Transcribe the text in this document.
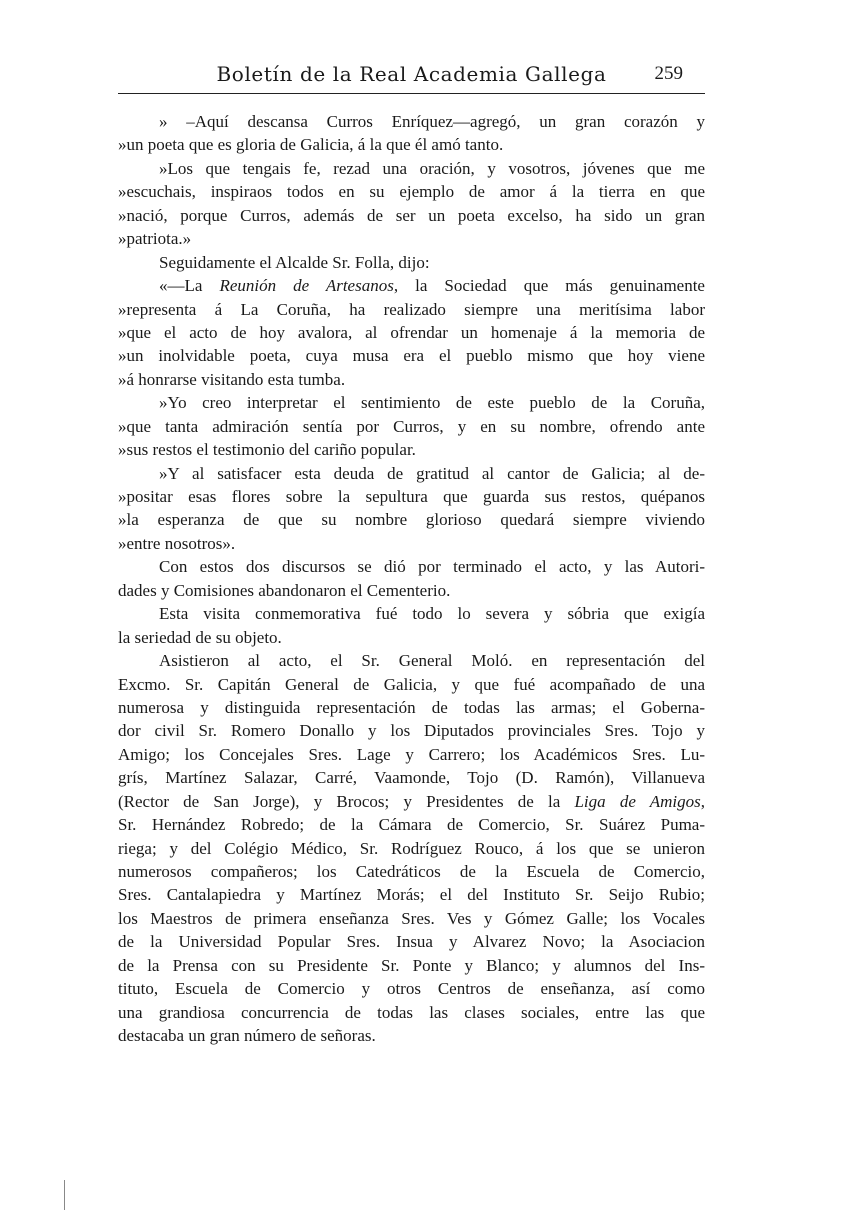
Boletín de la Real Academia Gallega	259
» –Aquí descansa Curros Enríquez—agregó, un gran corazón y
»un poeta que es gloria de Galicia, á la que él amó tanto.
»Los que tengais fe, rezad una oración, y vosotros, jóvenes que me
»escuchais, inspiraos todos en su ejemplo de amor á la tierra en que
»nació, porque Curros, además de ser un poeta excelso, ha sido un gran
»patriota.»
Seguidamente el Alcalde Sr. Folla, dijo:
«—La Reunión de Artesanos, la Sociedad que más genuinamente
»representa á La Coruña, ha realizado siempre una meritísima labor
»que el acto de hoy avalora, al ofrendar un homenaje á la memoria de
»un inolvidable poeta, cuya musa era el pueblo mismo que hoy viene
»á honrarse visitando esta tumba.
»Yo creo interpretar el sentimiento de este pueblo de la Coruña,
»que tanta admiración sentía por Curros, y en su nombre, ofrendo ante
»sus restos el testimonio del cariño popular.
»Y al satisfacer esta deuda de gratitud al cantor de Galicia; al de-
»positar esas flores sobre la sepultura que guarda sus restos, quépanos
»la esperanza de que su nombre glorioso quedará siempre viviendo
»entre nosotros».
Con estos dos discursos se dió por terminado el acto, y las Autori-
dades y Comisiones abandonaron el Cementerio.
Esta visita conmemorativa fué todo lo severa y sóbria que exigía
la seriedad de su objeto.
Asistieron al acto, el Sr. General Moló. en representación del
Excmo. Sr. Capitán General de Galicia, y que fué acompañado de una
numerosa y distinguida representación de todas las armas; el Goberna-
dor civil Sr. Romero Donallo y los Diputados provinciales Sres. Tojo y
Amigo; los Concejales Sres. Lage y Carrero; los Académicos Sres. Lu-
grís, Martínez Salazar, Carré, Vaamonde, Tojo (D. Ramón), Villanueva
(Rector de San Jorge), y Brocos; y Presidentes de la Liga de Amigos,
Sr. Hernández Robredo; de la Cámara de Comercio, Sr. Suárez Puma-
riega; y del Colégio Médico, Sr. Rodríguez Rouco, á los que se unieron
numerosos compañeros; los Catedráticos de la Escuela de Comercio,
Sres. Cantalapiedra y Martínez Morás; el del Instituto Sr. Seijo Rubio;
los Maestros de primera enseñanza Sres. Ves y Gómez Galle; los Vocales
de la Universidad Popular Sres. Insua y Alvarez Novo; la Asociacion
de la Prensa con su Presidente Sr. Ponte y Blanco; y alumnos del Ins-
tituto, Escuela de Comercio y otros Centros de enseñanza, así como
una grandiosa concurrencia de todas las clases sociales, entre las que
destacaba un gran número de señoras.
